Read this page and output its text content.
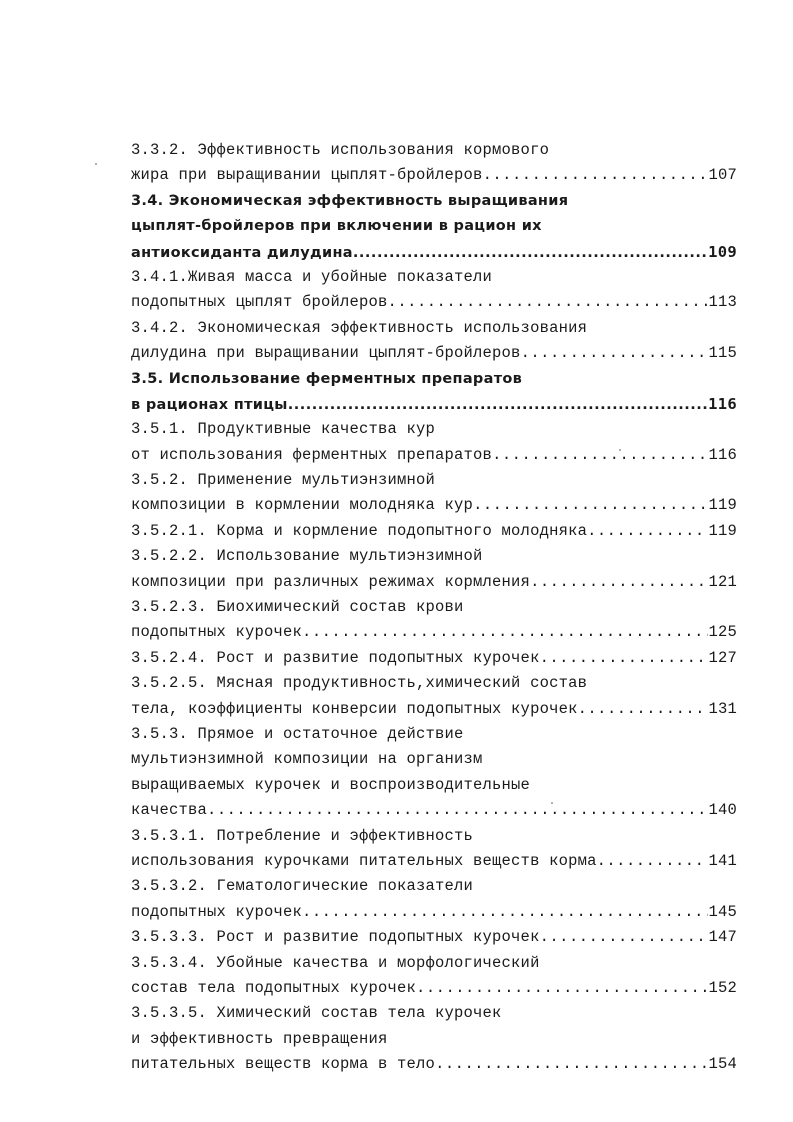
3.3.2. Эффективность использования кормового
жира при выращивании цыплят-бройлеров .....	107
3.4. Экономическая эффективность выращивания
цыплят-бройлеров при включении в рацион их
антиоксиданта дилудина .....	109
3.4.1.Живая масса и убойные показатели
подопытных цыплят бройлеров .....	113
3.4.2. Экономическая эффективность использования
дилудина при выращивании цыплят-бройлеров .....	115
3.5. Использование ферментных препаратов
в рационах птицы .....	116
3.5.1. Продуктивные качества кур
от использования ферментных препаратов .....	116
3.5.2. Применение мультиэнзимной
композиции в кормлении молодняка кур .....	119
3.5.2.1. Корма и кормление подопытного молодняка .....	119
3.5.2.2. Использование мультиэнзимной
композиции при различных режимах кормления .....	121
3.5.2.3. Биохимический состав крови
подопытных курочек .....	125
3.5.2.4. Рост и развитие подопытных курочек .....	127
3.5.2.5. Мясная продуктивность,химический состав
тела, коэффициенты конверсии подопытных курочек .....	131
3.5.3. Прямое и остаточное действие
мультиэнзимной композиции на организм
выращиваемых курочек и воспроизводительные
качества .....	140
3.5.3.1. Потребление и эффективность
использования курочками питательных веществ корма .....	141
3.5.3.2. Гематологические показатели
подопытных курочек .....	145
3.5.3.3. Рост и развитие подопытных курочек .....	147
3.5.3.4. Убойные качества и морфологический
состав тела подопытных курочек .....	152
3.5.3.5. Химический состав тела курочек
и эффективность превращения
питательных веществ корма в тело .....	154
